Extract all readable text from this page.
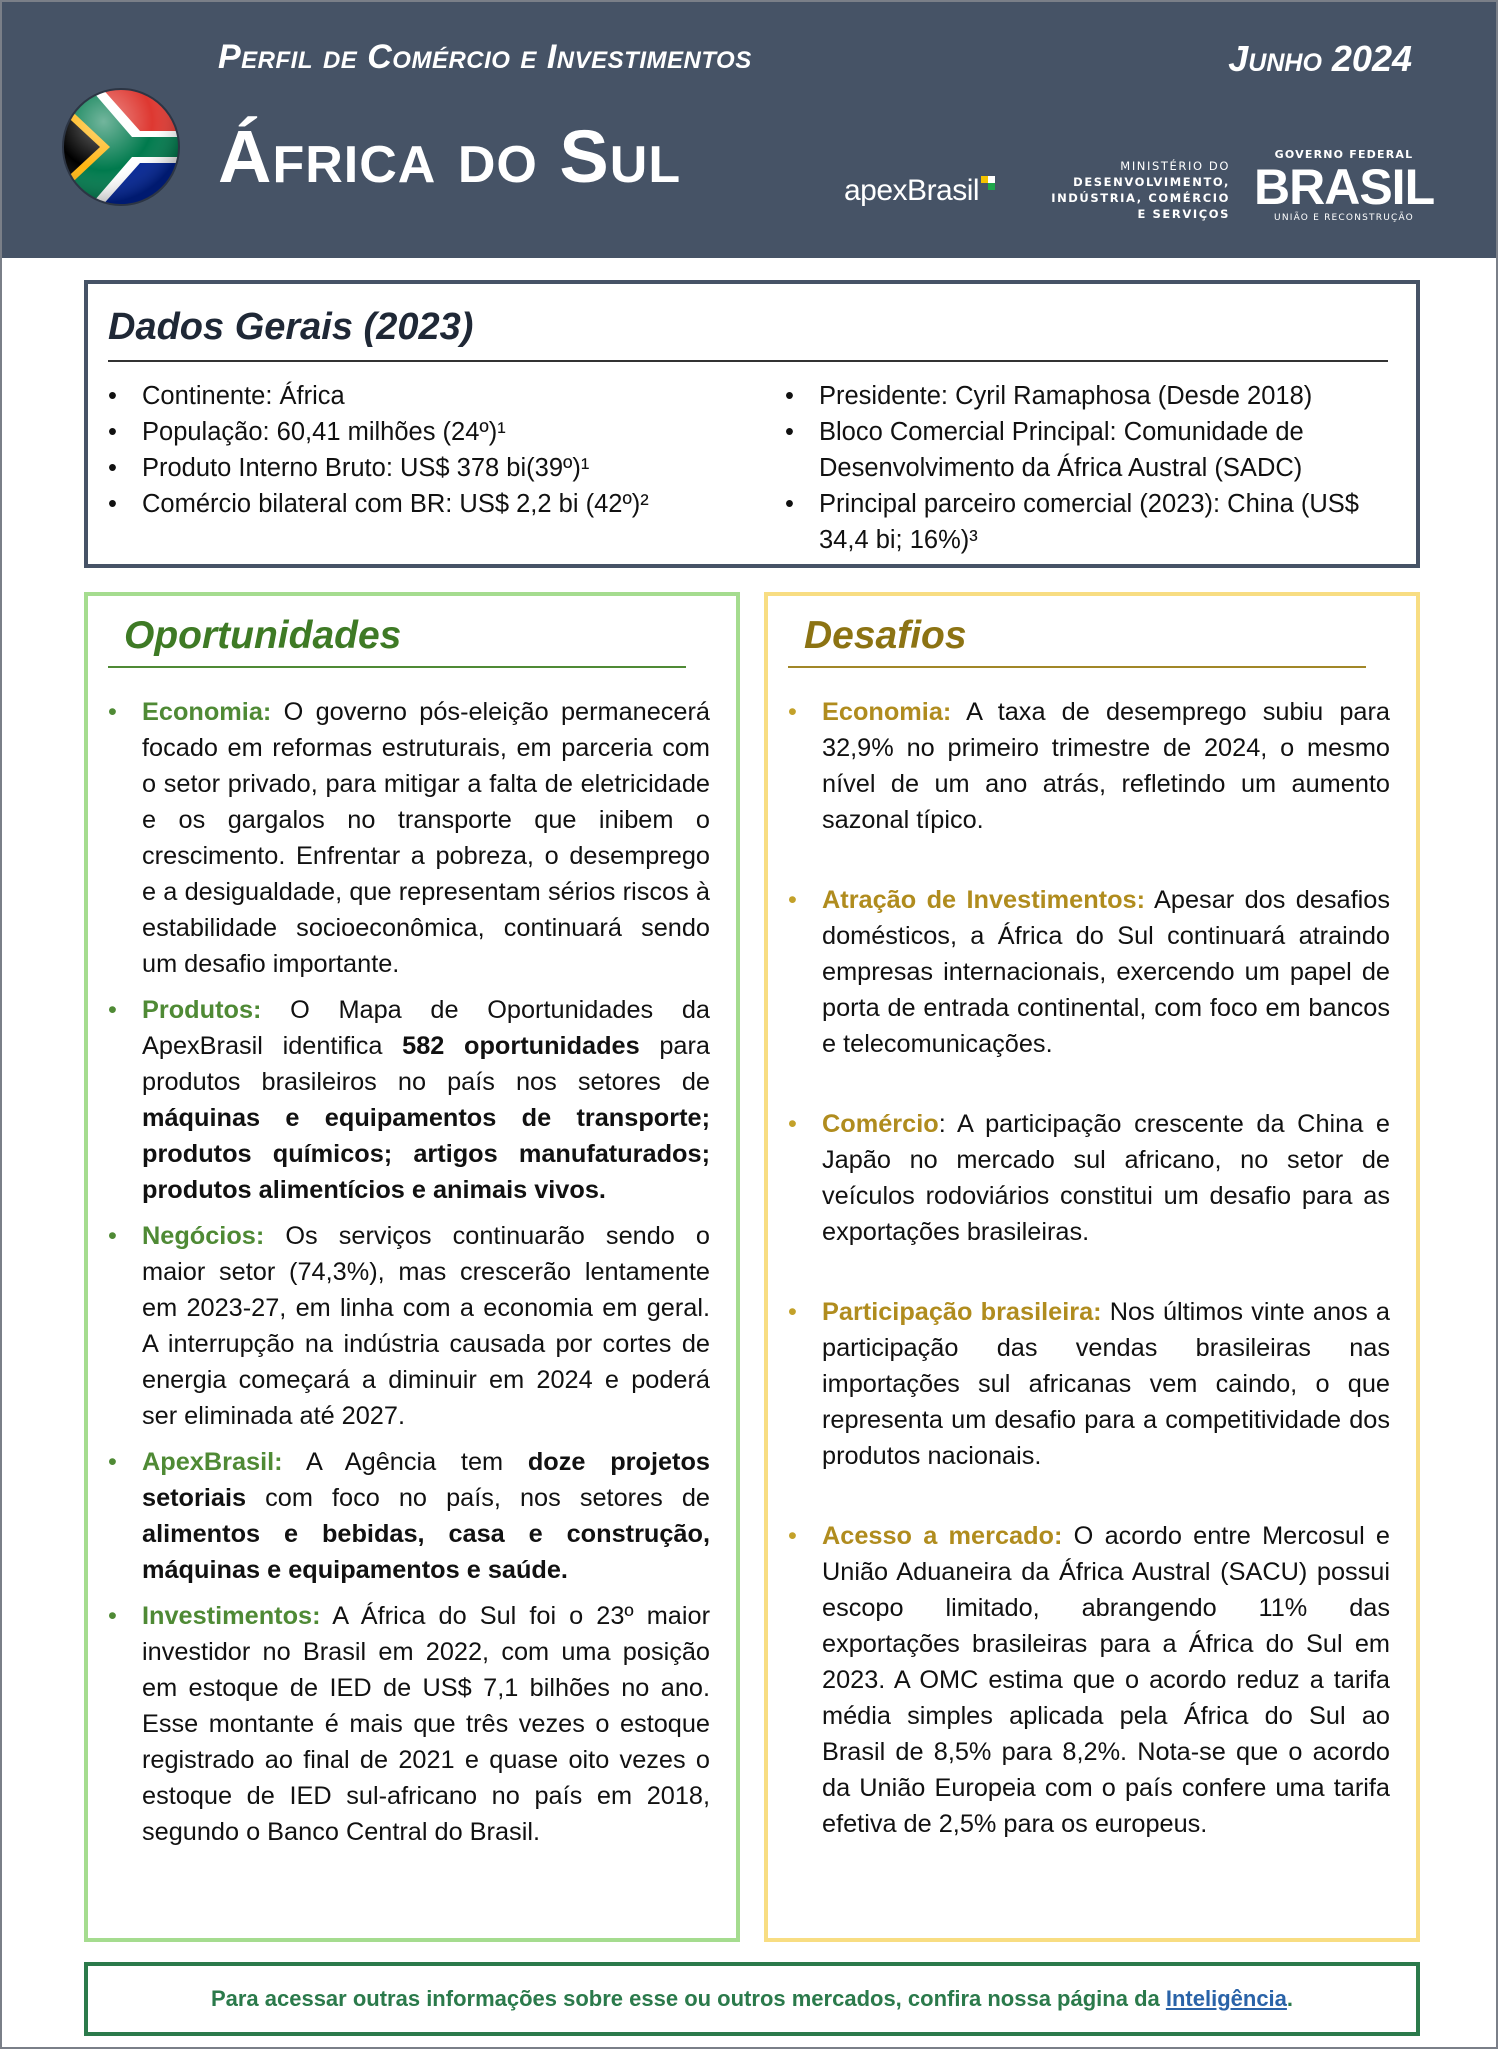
Perfil de Comércio e Investimentos	Junho 2024
África do Sul	apexBrasil
MINISTÉRIO DO
DESENVOLVIMENTO,
INDÚSTRIA, COMÉRCIO
E SERVIÇOS
GOVERNO FEDERAL
BRASIL
UNIÃO E RECONSTRUÇÃO
Dados Gerais (2023)
• Continente: África
• População: 60,41 milhões (24º)¹
• Produto Interno Bruto: US$ 378 bi(39º)¹
• Comércio bilateral com BR: US$ 2,2 bi (42º)²
• Presidente: Cyril Ramaphosa (Desde 2018)
• Bloco Comercial Principal: Comunidade de Desenvolvimento da África Austral (SADC)
• Principal parceiro comercial (2023): China (US$ 34,4 bi; 16%)³
Oportunidades
• Economia: O governo pós-eleição permanecerá focado em reformas estruturais, em parceria com o setor privado, para mitigar a falta de eletricidade e os gargalos no transporte que inibem o crescimento. Enfrentar a pobreza, o desemprego e a desigualdade, que representam sérios riscos à estabilidade socioeconômica, continuará sendo um desafio importante.
• Produtos: O Mapa de Oportunidades da ApexBrasil identifica 582 oportunidades para produtos brasileiros no país nos setores de máquinas e equipamentos de transporte; produtos químicos; artigos manufaturados; produtos alimentícios e animais vivos.
• Negócios: Os serviços continuarão sendo o maior setor (74,3%), mas crescerão lentamente em 2023-27, em linha com a economia em geral. A interrupção na indústria causada por cortes de energia começará a diminuir em 2024 e poderá ser eliminada até 2027.
• ApexBrasil: A Agência tem doze projetos setoriais com foco no país, nos setores de alimentos e bebidas, casa e construção, máquinas e equipamentos e saúde.
• Investimentos: A África do Sul foi o 23º maior investidor no Brasil em 2022, com uma posição em estoque de IED de US$ 7,1 bilhões no ano. Esse montante é mais que três vezes o estoque registrado ao final de 2021 e quase oito vezes o estoque de IED sul-africano no país em 2018, segundo o Banco Central do Brasil.
Desafios
• Economia: A taxa de desemprego subiu para 32,9% no primeiro trimestre de 2024, o mesmo nível de um ano atrás, refletindo um aumento sazonal típico.
• Atração de Investimentos: Apesar dos desafios domésticos, a África do Sul continuará atraindo empresas internacionais, exercendo um papel de porta de entrada continental, com foco em bancos e telecomunicações.
• Comércio: A participação crescente da China e Japão no mercado sul africano, no setor de veículos rodoviários constitui um desafio para as exportações brasileiras.
• Participação brasileira: Nos últimos vinte anos a participação das vendas brasileiras nas importações sul africanas vem caindo, o que representa um desafio para a competitividade dos produtos nacionais.
• Acesso a mercado: O acordo entre Mercosul e União Aduaneira da África Austral (SACU) possui escopo limitado, abrangendo 11% das exportações brasileiras para a África do Sul em 2023. A OMC estima que o acordo reduz a tarifa média simples aplicada pela África do Sul ao Brasil de 8,5% para 8,2%. Nota-se que o acordo da União Europeia com o país confere uma tarifa efetiva de 2,5% para os europeus.
Para acessar outras informações sobre esse ou outros mercados, confira nossa página da
Inteligência .
